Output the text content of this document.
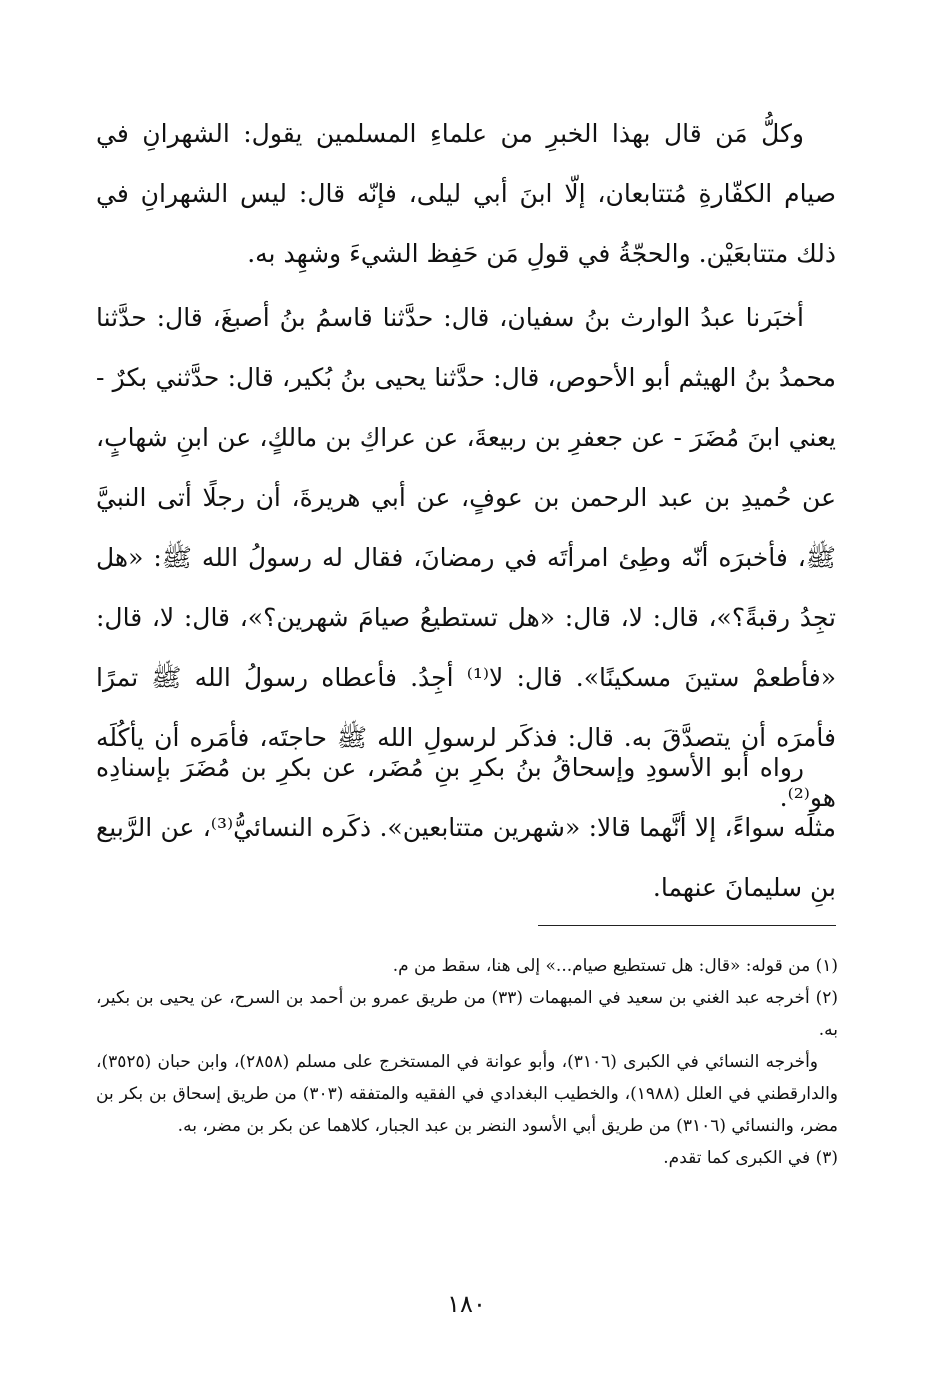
وكلُّ مَن قال بهذا الخبرِ من علماءِ المسلمين يقول: الشهرانِ في صيام الكفّارةِ مُتتابعان، إلّا ابنَ أبي ليلى، فإنّه قال: ليس الشهرانِ في ذلك متتابعَيْن. والحجّةُ في قولِ مَن حَفِظ الشيءَ وشهِد به.

أخبَرنا عبدُ الوارث بنُ سفيان، قال: حدَّثنا قاسمُ بنُ أصبغَ، قال: حدَّثنا محمدُ بنُ الهيثم أبو الأحوص، قال: حدَّثنا يحيى بنُ بُكير، قال: حدَّثني بكرٌ - يعني ابنَ مُضَرَ - عن جعفرِ بن ربيعةَ، عن عراكِ بن مالكٍ، عن ابنِ شهابٍ، عن حُميدِ بن عبد الرحمن بن عوفٍ، عن أبي هريرةَ، أن رجلًا أتى النبيَّ ﷺ، فأخبرَه أنّه وطِئ امرأتَه في رمضانَ، فقال له رسولُ الله ﷺ: «هل تجِدُ رقبةً؟»، قال: لا، قال: «هل تستطيعُ صيامَ شهرين؟»، قال: لا، قال: «فأطعمْ ستينَ مسكينًا». قال: لا⁽¹⁾ أجِدُ. فأعطاه رسولُ الله ﷺ تمرًا فأمرَه أن يتصدَّقَ به. قال: فذكَر لرسولِ الله ﷺ حاجتَه، فأمَره أن يأكُلَه هو⁽²⁾.

رواه أبو الأسودِ وإسحاقُ بنُ بكرِ بنِ مُضَر، عن بكرِ بن مُضَرَ بإسنادِه مثلَه سواءً، إلا أنَّهما قالا: «شهرين متتابعين». ذكَره النسائيُّ⁽³⁾، عن الرَّبيع بنِ سليمانَ عنهما.

(١) من قوله: «قال: هل تستطيع صيام...» إلى هنا، سقط من م.

(٢) أخرجه عبد الغني بن سعيد في المبهمات (٣٣) من طريق عمرو بن أحمد بن السرح، عن يحيى بن بكير، به.

وأخرجه النسائي في الكبرى (٣١٠٦)، وأبو عوانة في المستخرج على مسلم (٢٨٥٨)، وابن حبان (٣٥٢٥)، والدارقطني في العلل (١٩٨٨)، والخطيب البغدادي في الفقيه والمتفقه (٣٠٣) من طريق إسحاق بن بكر بن مضر، والنسائي (٣١٠٦) من طريق أبي الأسود النضر بن عبد الجبار، كلاهما عن بكر بن مضر، به.

(٣) في الكبرى كما تقدم.

١٨٠
